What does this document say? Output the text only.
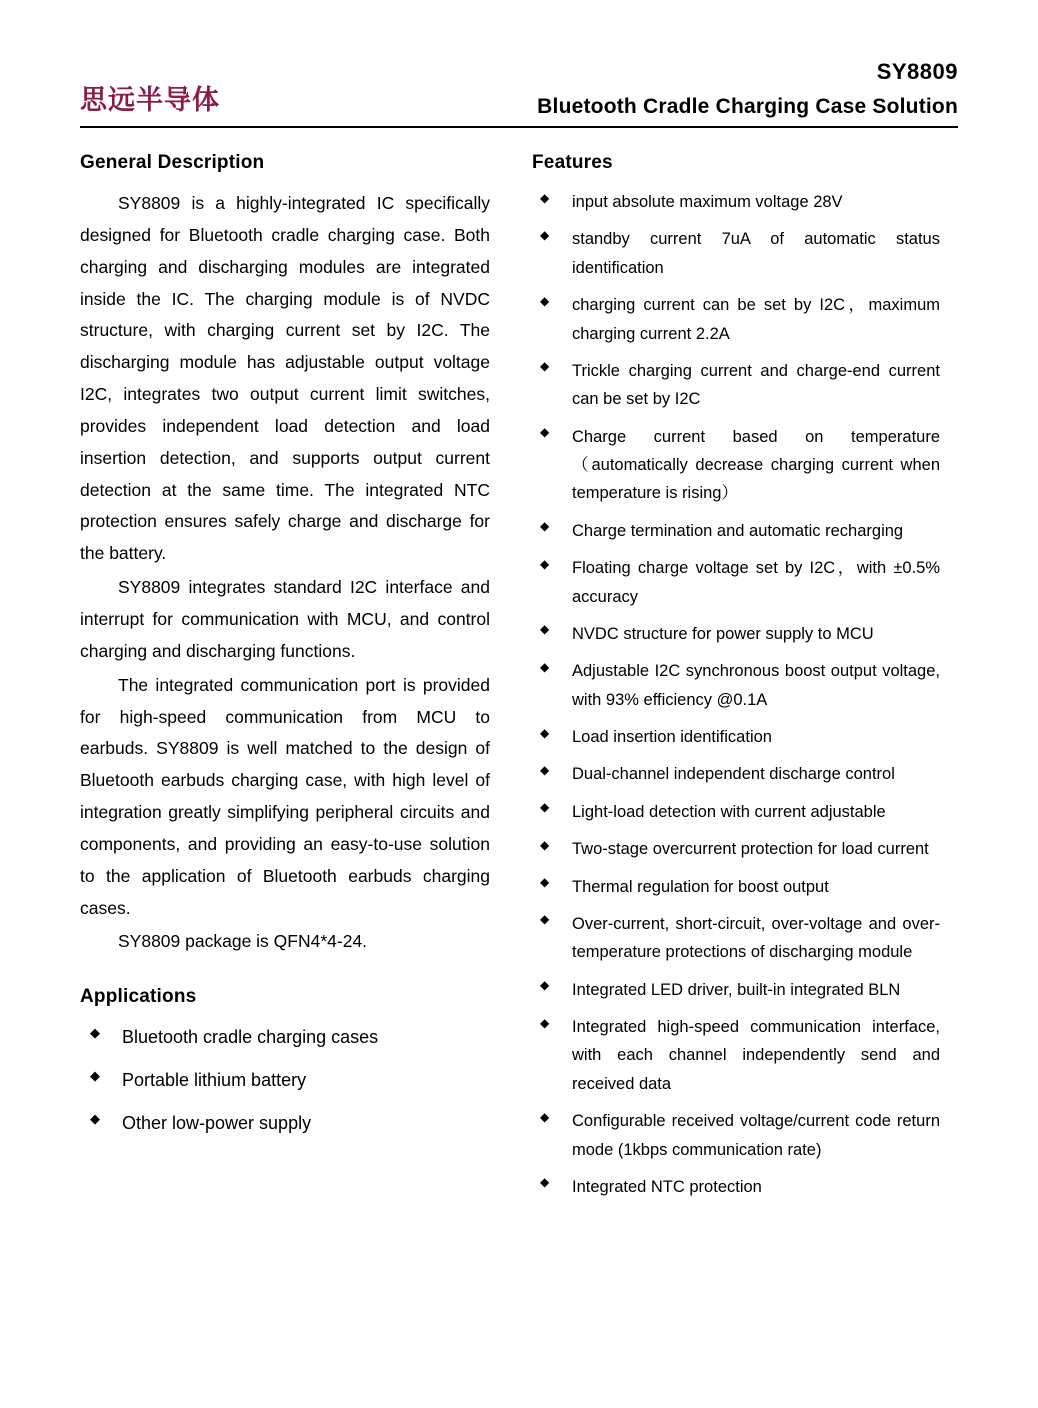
思远半导体
SY8809
Bluetooth Cradle Charging Case Solution
General Description

SY8809 is a highly-integrated IC specifically designed for Bluetooth cradle charging case. Both charging and discharging modules are integrated inside the IC. The charging module is of NVDC structure, with charging current set by I2C. The discharging module has adjustable output voltage I2C, integrates two output current limit switches, provides independent load detection and load insertion detection, and supports output current detection at the same time. The integrated NTC protection ensures safely charge and discharge for the battery.

SY8809 integrates standard I2C interface and interrupt for communication with MCU, and control charging and discharging functions.

The integrated communication port is provided for high-speed communication from MCU to earbuds. SY8809 is well matched to the design of Bluetooth earbuds charging case, with high level of integration greatly simplifying peripheral circuits and components, and providing an easy-to-use solution to the application of Bluetooth earbuds charging cases.

SY8809 package is QFN4*4-24.

Applications
◆ Bluetooth cradle charging cases
◆ Portable lithium battery
◆ Other low-power supply
Features
◆ input absolute maximum voltage 28V
◆ standby current 7uA of automatic status identification
◆ charging current can be set by I2C，maximum charging current 2.2A
◆ Trickle charging current and charge-end current can be set by I2C
◆ Charge current based on temperature （automatically decrease charging current when temperature is rising）
◆ Charge termination and automatic recharging
◆ Floating charge voltage set by I2C，with ±0.5% accuracy
◆ NVDC structure for power supply to MCU
◆ Adjustable I2C synchronous boost output voltage, with 93% efficiency @0.1A
◆ Load insertion identification
◆ Dual-channel independent discharge control
◆ Light-load detection with current adjustable
◆ Two-stage overcurrent protection for load current
◆ Thermal regulation for boost output
◆ Over-current, short-circuit, over-voltage and over-temperature protections of discharging module
◆ Integrated LED driver, built-in integrated BLN
◆ Integrated high-speed communication interface, with each channel independently send and received data
◆ Configurable received voltage/current code return mode (1kbps communication rate)
◆ Integrated NTC protection
